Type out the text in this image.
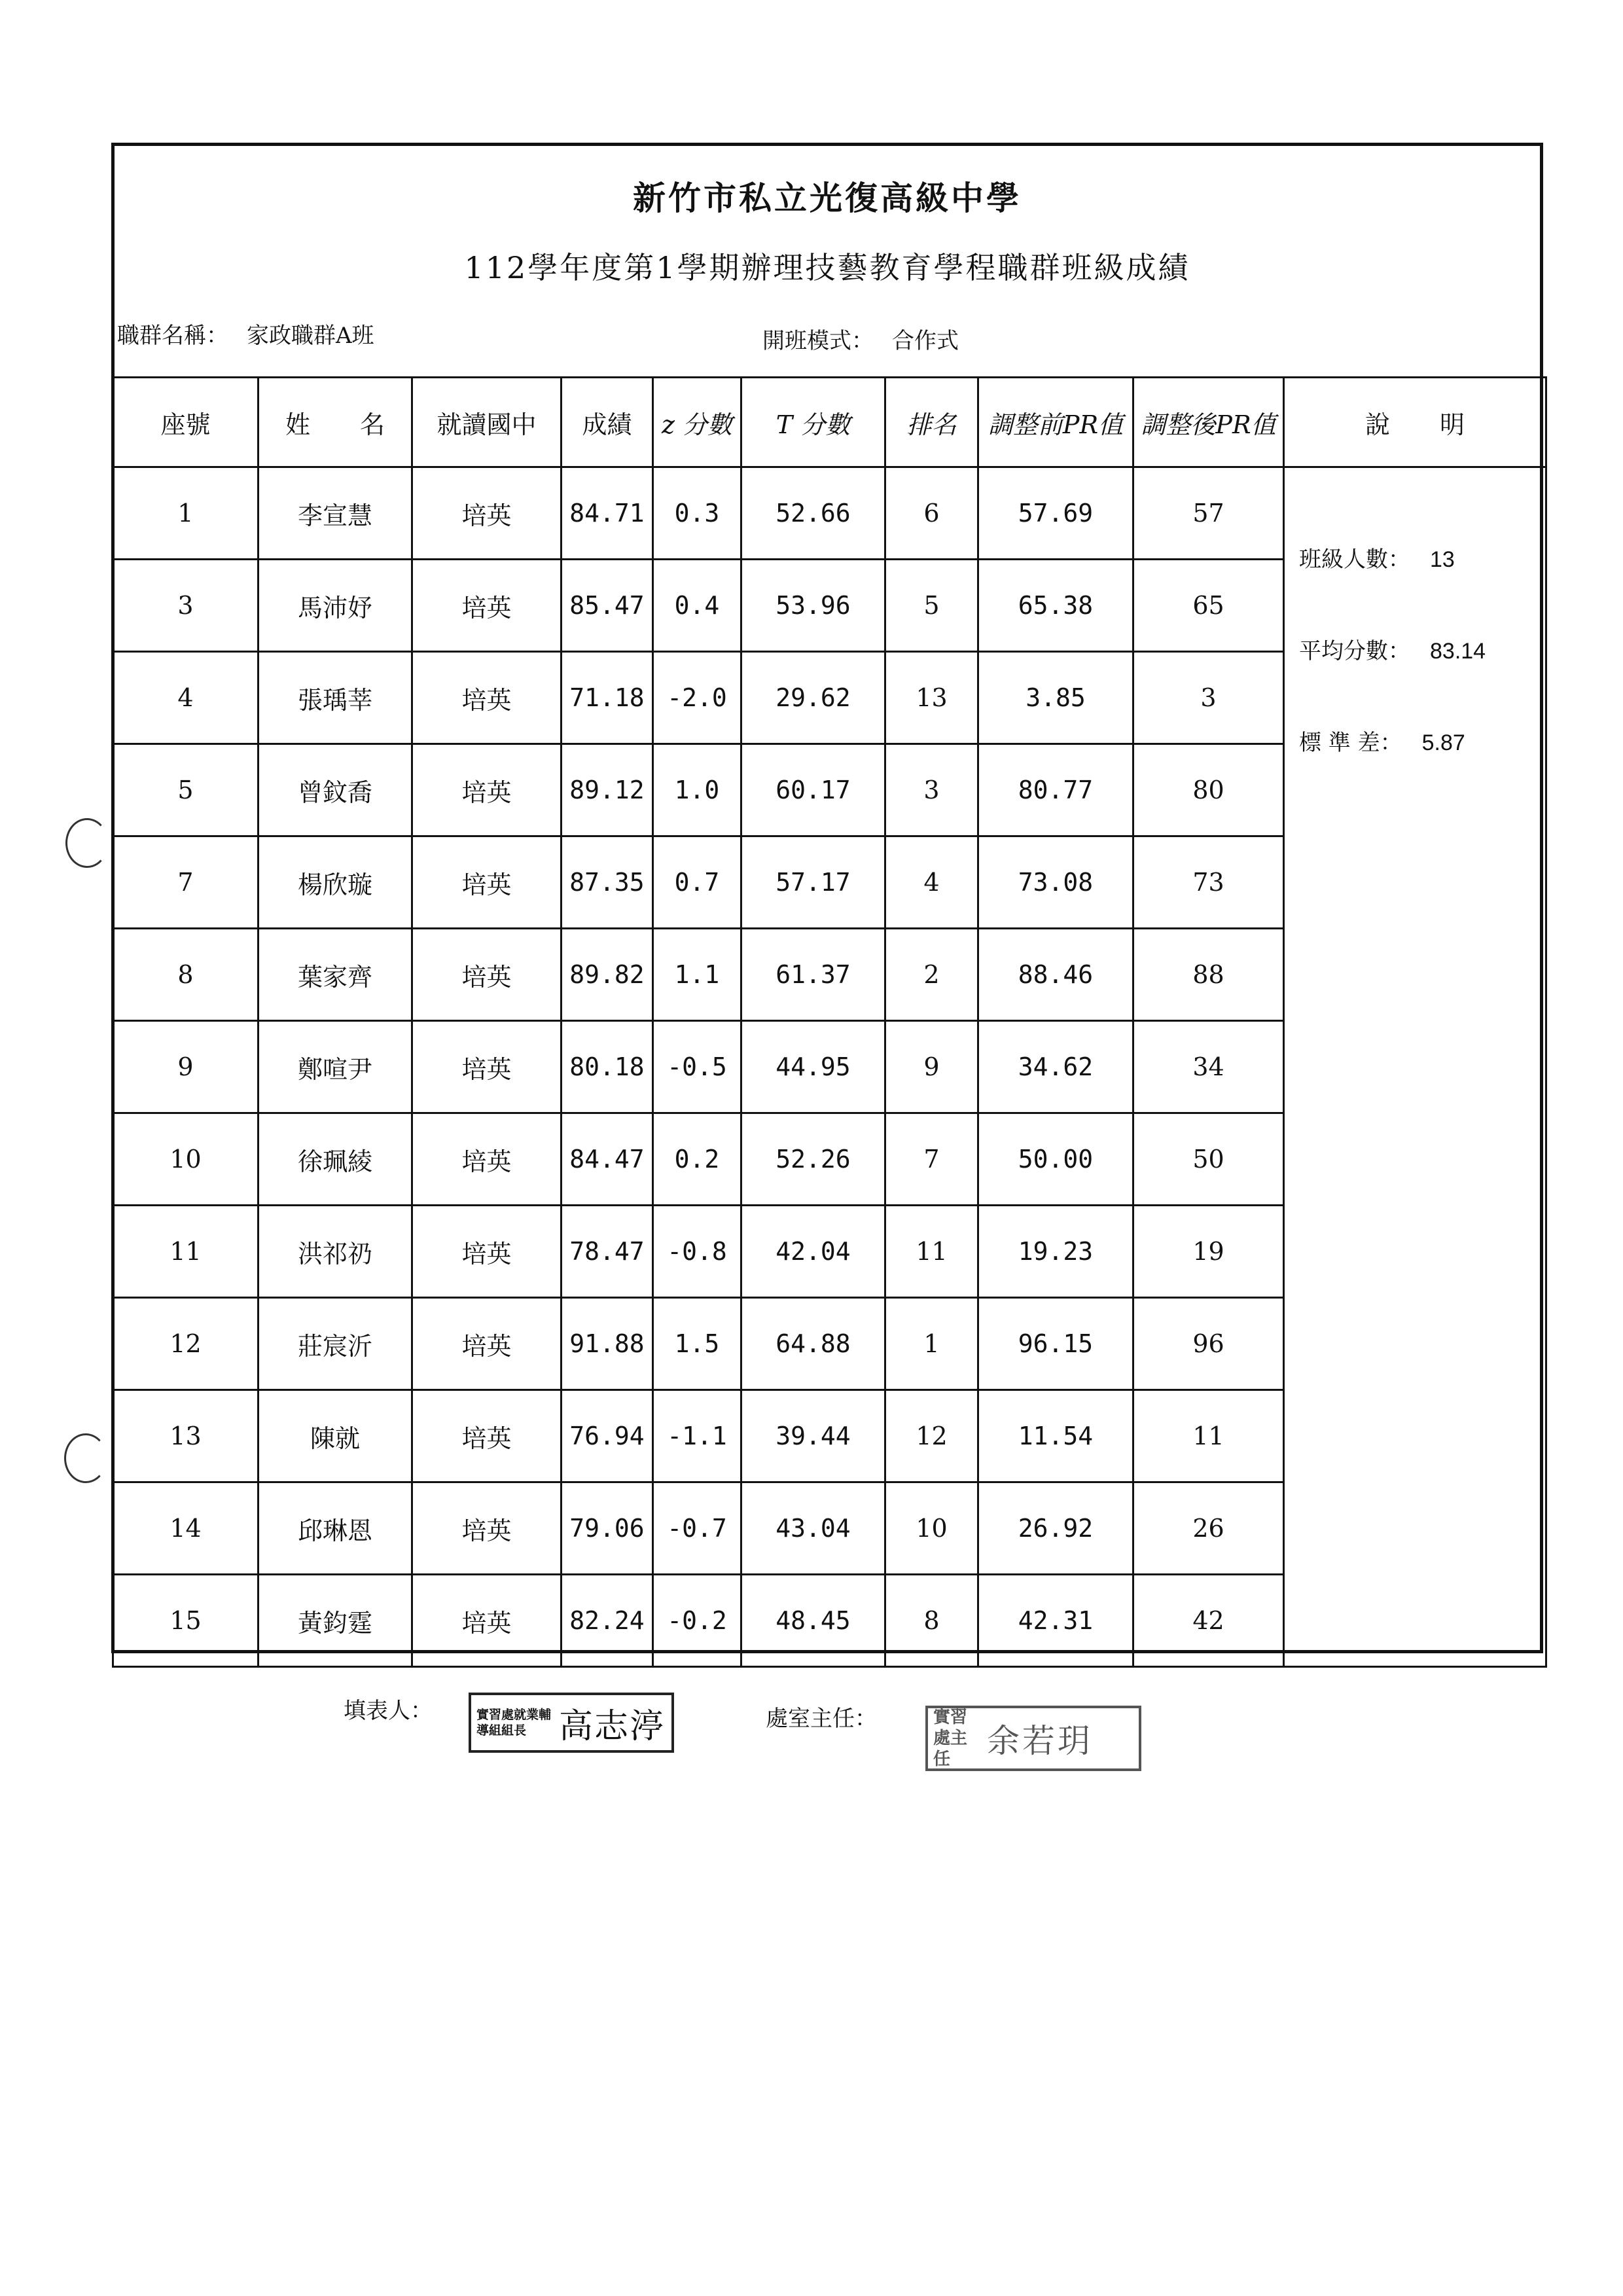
新竹市私立光復高級中學
112學年度第1學期辦理技藝教育學程職群班級成績
職群名稱： 家政職群A班	開班模式： 合作式
座號	姓　　名	就讀國中	成績	z 分數	T 分數	排名	調整前PR值	調整後PR值	說　　明
1	李宣慧	培英	84.71	0.3	52.66	6	57.69	57	班級人數： 13
平均分數： 83.14
標 準 差： 5.87

3	馬沛妤	培英	85.47	0.4	53.96	5	65.38	65	
4	張瑀莘	培英	71.18	-2.0	29.62	13	3.85	3	
5	曾鈫喬	培英	89.12	1.0	60.17	3	80.77	80	
7	楊欣璇	培英	87.35	0.7	57.17	4	73.08	73	
8	葉家齊	培英	89.82	1.1	61.37	2	88.46	88	
9	鄭喧尹	培英	80.18	-0.5	44.95	9	34.62	34	
10	徐珮綾	培英	84.47	0.2	52.26	7	50.00	50	
11	洪祁礽	培英	78.47	-0.8	42.04	11	19.23	19	
12	莊宸沂	培英	91.88	1.5	64.88	1	96.15	96	
13	陳就	培英	76.94	-1.1	39.44	12	11.54	11	
14	邱琳恩	培英	79.06	-0.7	43.04	10	26.92	26	
15	黃鈞霆	培英	82.24	-0.2	48.45	8	42.31	42	
填表人：	實習處就業輔導組組長 高志渟	處室主任：	實習處主任	余若玥
